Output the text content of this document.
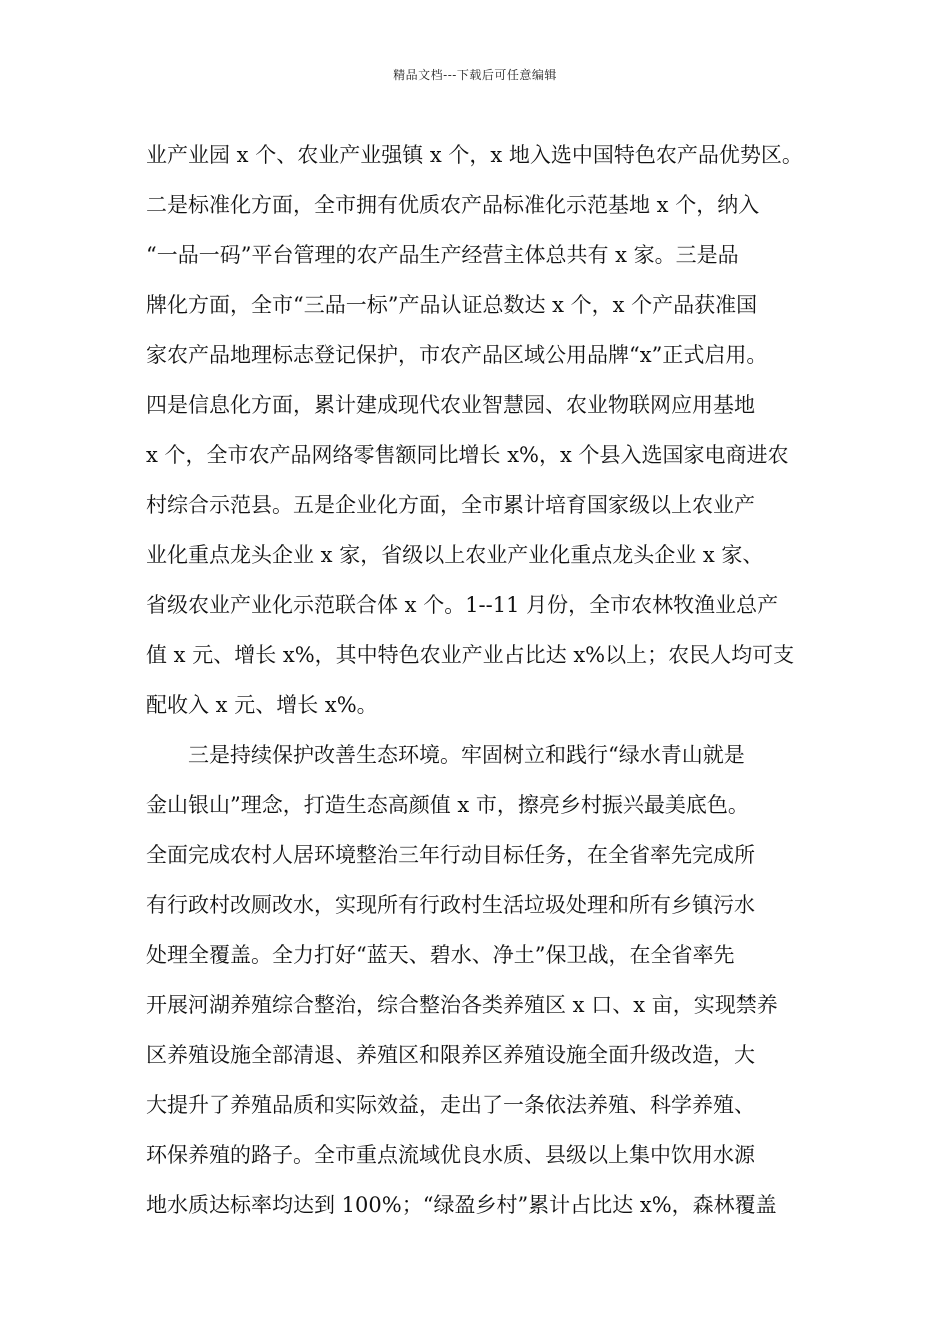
精品文档---下载后可任意编辑
业产业园 x 个、农业产业强镇 x 个，x 地入选中国特色农产品优势区。
二是标准化方面，全市拥有优质农产品标准化示范基地 x 个，纳入
“一品一码”平台管理的农产品生产经营主体总共有 x 家。三是品
牌化方面，全市“三品一标”产品认证总数达 x 个，x 个产品获准国
家农产品地理标志登记保护，市农产品区域公用品牌“x”正式启用。
四是信息化方面，累计建成现代农业智慧园、农业物联网应用基地
x 个，全市农产品网络零售额同比增长 x%，x 个县入选国家电商进农
村综合示范县。五是企业化方面，全市累计培育国家级以上农业产
业化重点龙头企业 x 家，省级以上农业产业化重点龙头企业 x 家、
省级农业产业化示范联合体 x 个。1--11 月份，全市农林牧渔业总产
值 x 元、增长 x%，其中特色农业产业占比达 x%以上；农民人均可支
配收入 x 元、增长 x%。
　　三是持续保护改善生态环境。牢固树立和践行“绿水青山就是
金山银山”理念，打造生态高颜值 x 市，擦亮乡村振兴最美底色。
全面完成农村人居环境整治三年行动目标任务，在全省率先完成所
有行政村改厕改水，实现所有行政村生活垃圾处理和所有乡镇污水
处理全覆盖。全力打好“蓝天、碧水、净土”保卫战，在全省率先
开展河湖养殖综合整治，综合整治各类养殖区 x 口、x 亩，实现禁养
区养殖设施全部清退、养殖区和限养区养殖设施全面升级改造，大
大提升了养殖品质和实际效益，走出了一条依法养殖、科学养殖、
环保养殖的路子。全市重点流域优良水质、县级以上集中饮用水源
地水质达标率均达到 100%；“绿盈乡村”累计占比达 x%，森林覆盖
